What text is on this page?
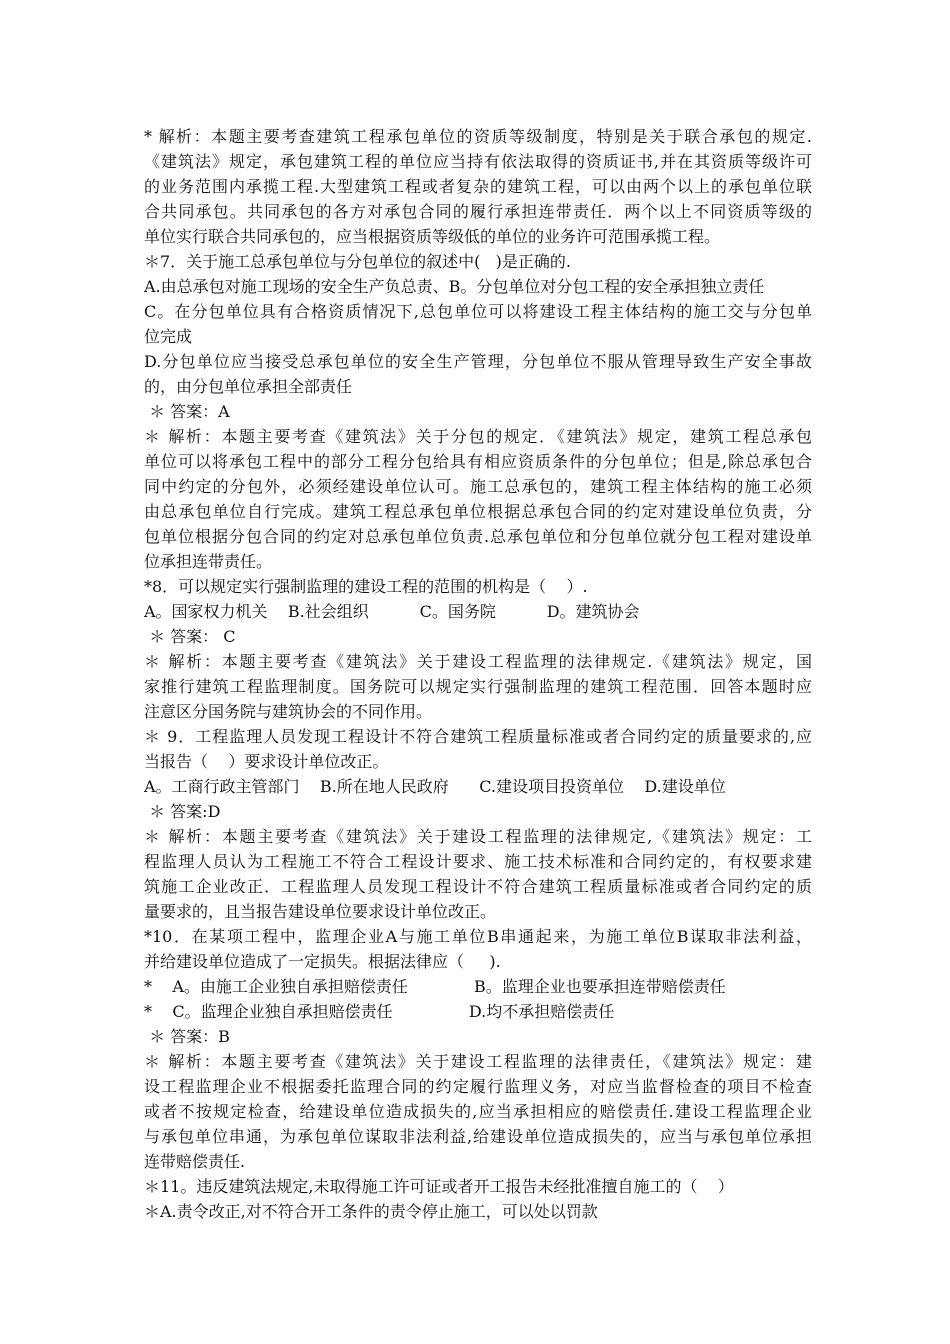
* 解析：本题主要考查建筑工程承包单位的资质等级制度，特别是关于联合承包的规定.
《建筑法》规定，承包建筑工程的单位应当持有依法取得的资质证书,并在其资质等级许可
的业务范围内承揽工程.大型建筑工程或者复杂的建筑工程，可以由两个以上的承包单位联
合共同承包。共同承包的各方对承包合同的履行承担连带责任．两个以上不同资质等级的
单位实行联合共同承包的，应当根据资质等级低的单位的业务许可范围承揽工程。
＊7．关于施工总承包单位与分包单位的叙述中(   )是正确的.
A.由总承包对施工现场的安全生产负总责、B。分包单位对分包工程的安全承担独立责任
C。在分包单位具有合格资质情况下,总包单位可以将建设工程主体结构的施工交与分包单
位完成
D.分包单位应当接受总承包单位的安全生产管理，分包单位不服从管理导致生产安全事故
的，由分包单位承担全部责任
＊ 答案：A
＊ 解析：本题主要考查《建筑法》关于分包的规定．《建筑法》规定，建筑工程总承包
单位可以将承包工程中的部分工程分包给具有相应资质条件的分包单位；但是,除总承包合
同中约定的分包外，必须经建设单位认可。施工总承包的，建筑工程主体结构的施工必须
由总承包单位自行完成。建筑工程总承包单位根据总承包合同的约定对建设单位负责，分
包单位根据分包合同的约定对总承包单位负责.总承包单位和分包单位就分包工程对建设单
位承担连带责任。
*8．可以规定实行强制监理的建设工程的范围的机构是（    ）.
A。国家权力机关    B.社会组织          C。国务院          D。建筑协会
＊ 答案： C
＊ 解析：本题主要考查《建筑法》关于建设工程监理的法律规定.《建筑法》规定，国
家推行建筑工程监理制度。国务院可以规定实行强制监理的建筑工程范围．回答本题时应
注意区分国务院与建筑协会的不同作用。
＊ 9．工程监理人员发现工程设计不符合建筑工程质量标准或者合同约定的质量要求的,应
当报告（    ）要求设计单位改正。
A。工商行政主管部门    B.所在地人民政府      C.建设项目投资单位    D.建设单位
＊ 答案:D
＊ 解析：本题主要考查《建筑法》关于建设工程监理的法律规定,《建筑法》规定：工
程监理人员认为工程施工不符合工程设计要求、施工技术标准和合同约定的，有权要求建
筑施工企业改正．工程监理人员发现工程设计不符合建筑工程质量标准或者合同约定的质
量要求的，且当报告建设单位要求设计单位改正。
*10．在某项工程中，监理企业A与施工单位B串通起来，为施工单位B谋取非法利益，
并给建设单位造成了一定损失。根据法律应（     ).
*    A。由施工企业独自承担赔偿责任             B。监理企业也要承担连带赔偿责任
*    C。监理企业独自承担赔偿责任               D.均不承担赔偿责任
＊ 答案：B
＊ 解析：本题主要考查《建筑法》关于建设工程监理的法律责任，《建筑法》规定：建
设工程监理企业不根据委托监理合同的约定履行监理义务，对应当监督检查的项目不检查
或者不按规定检查，给建设单位造成损失的,应当承担相应的赔偿责任.建设工程监理企业
与承包单位串通，为承包单位谋取非法利益,给建设单位造成损失的，应当与承包单位承担
连带赔偿责任.
＊11。违反建筑法规定,未取得施工许可证或者开工报告未经批准擅自施工的（    ）
＊A.责令改正,对不符合开工条件的责令停止施工，可以处以罚款
